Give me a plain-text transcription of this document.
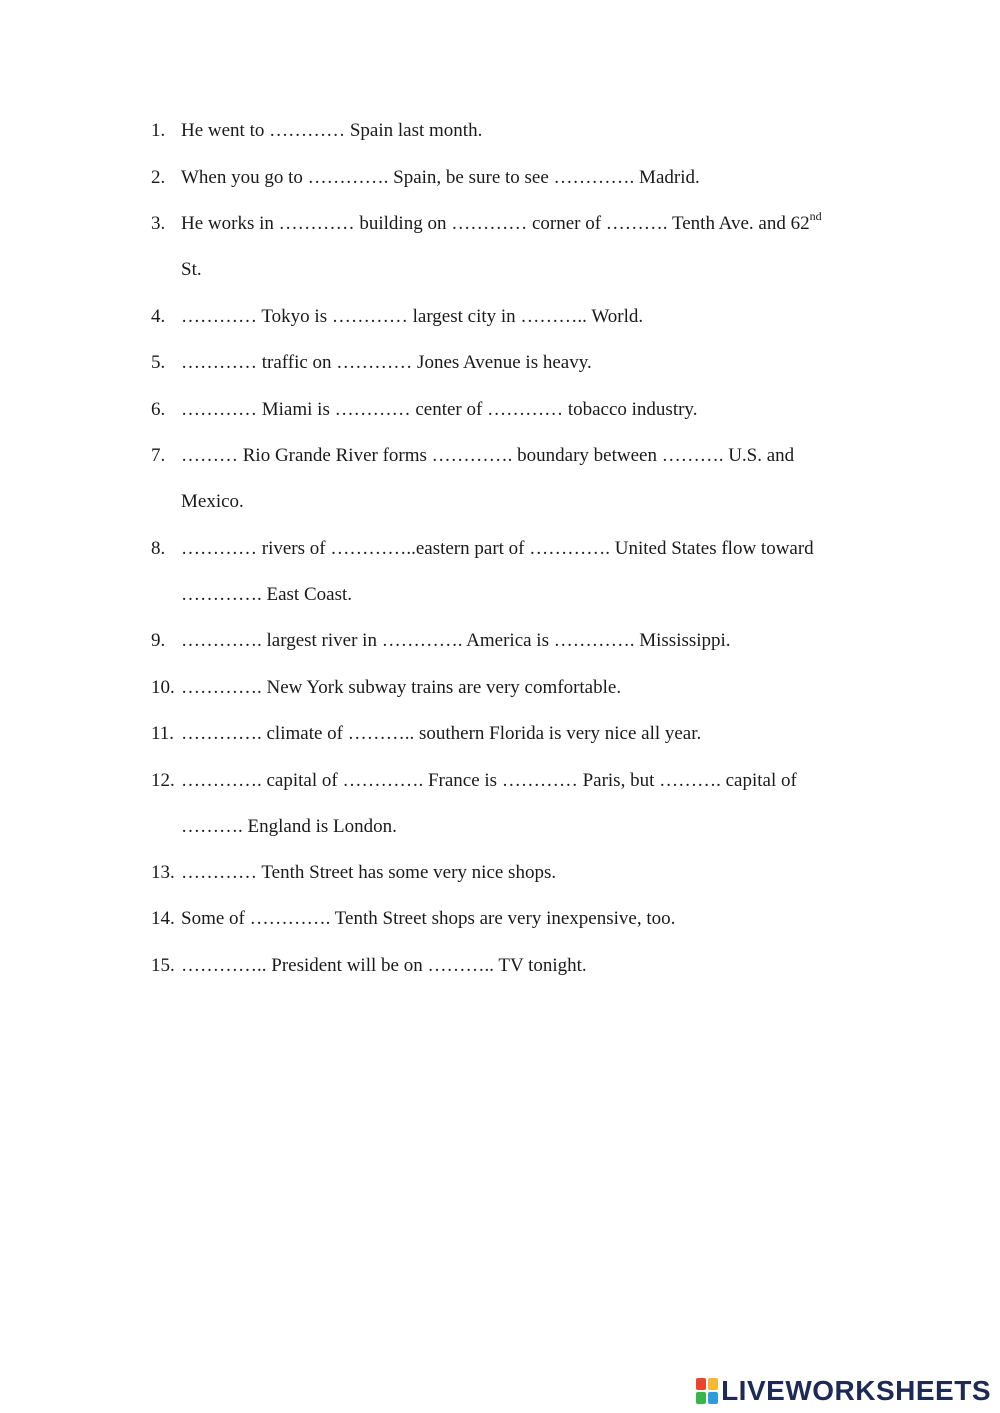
1. He went to ………… Spain last month.
2. When you go to …………. Spain, be sure to see …………. Madrid.
3. He works in ………… building on ………… corner of ………. Tenth Ave. and 62nd
St.
4. ………… Tokyo is ………… largest city in ……….. World.
5. ………… traffic on ………… Jones Avenue is heavy.
6. ………… Miami is ………… center of ………… tobacco industry.
7. ……… Rio Grande River forms …………. boundary between ………. U.S. and
Mexico.
8. ………… rivers of …………..eastern part of …………. United States flow toward
…………. East Coast.
9. …………. largest river in …………. America is …………. Mississippi.
10. …………. New York subway trains are very comfortable.
11. …………. climate of ……….. southern Florida is very nice all year.
12. …………. capital of …………. France is ………… Paris, but ………. capital of
………. England is London.
13. ………… Tenth Street has some very nice shops.
14. Some of …………. Tenth Street shops are very inexpensive, too.
15. ………….. President will be on ……….. TV tonight.
LIVEWORKSHEETS
